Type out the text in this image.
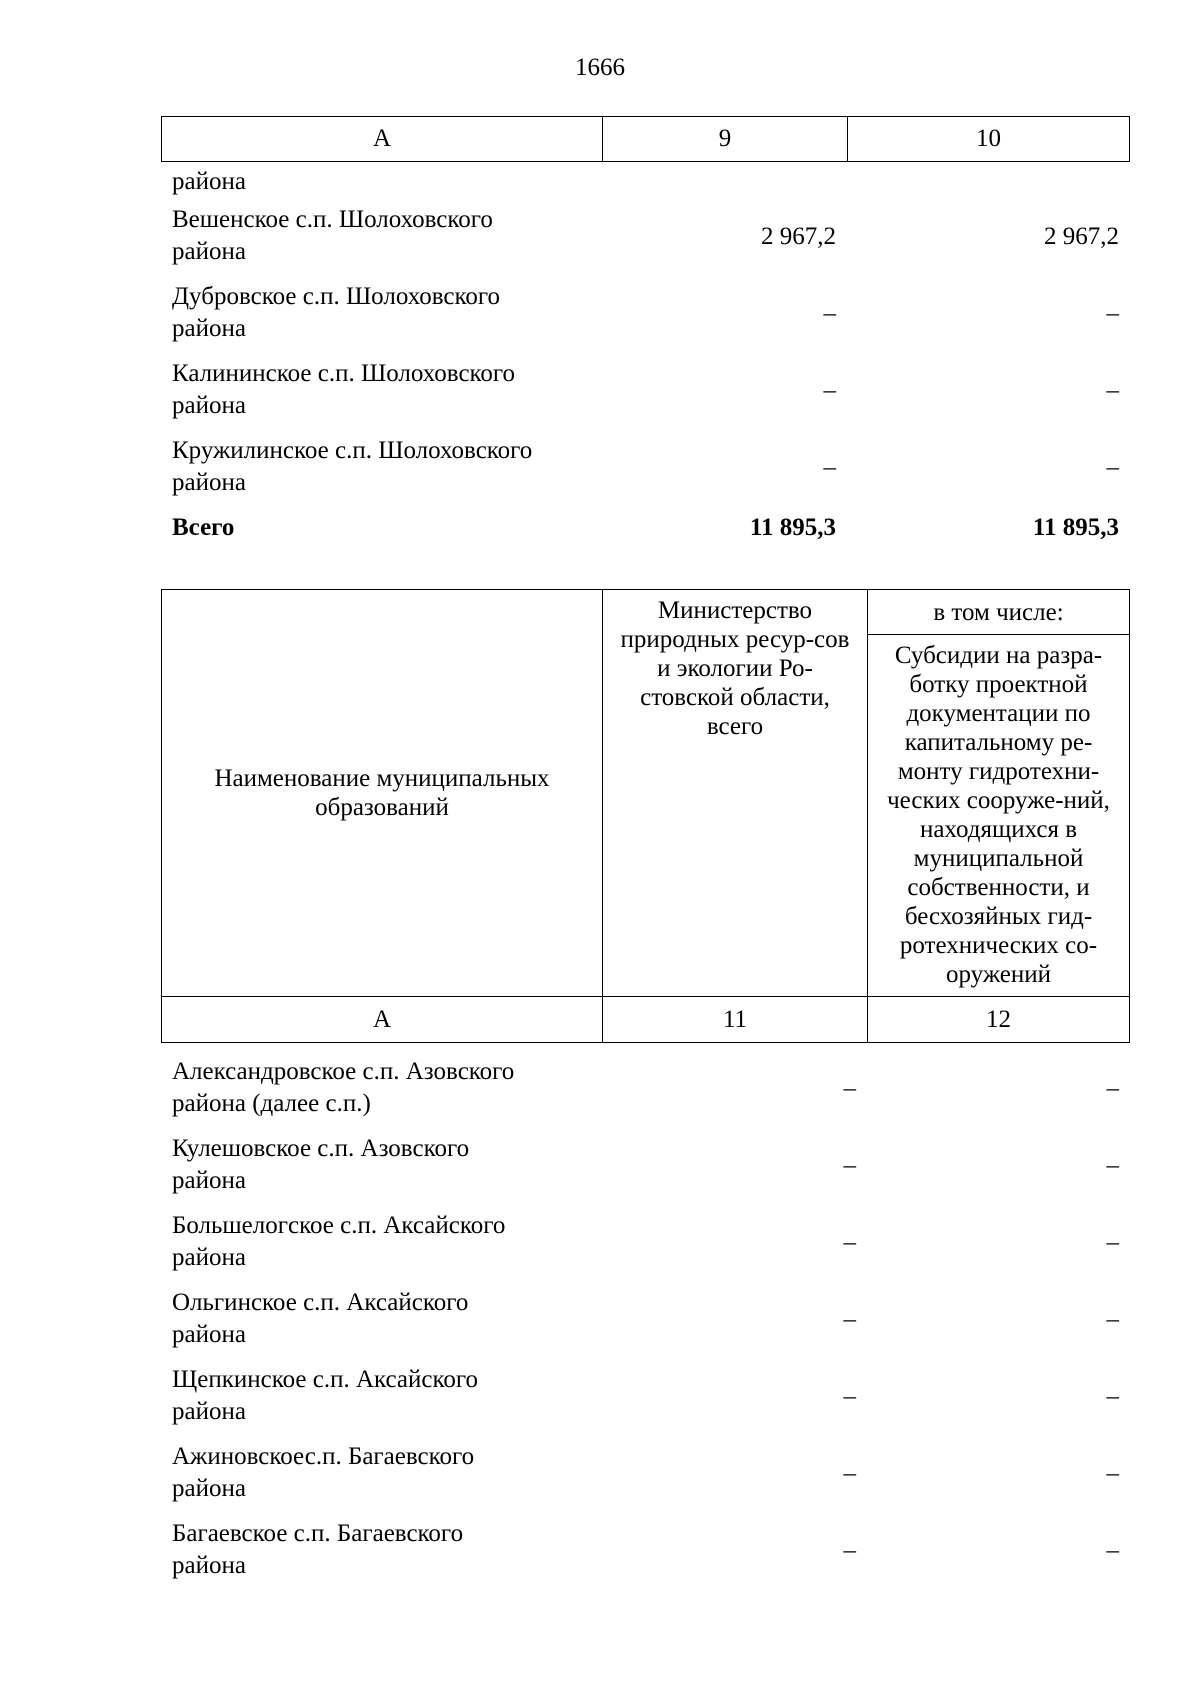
1666
А	9	10
района
Вешенское с.п. Шолоховского
района
2 967,2	2 967,2
Дубровское с.п. Шолоховского
района
–	–
Калининское с.п. Шолоховского
района
–	–
Кружилинское с.п. Шолоховского
района
–	–
Всего	11 895,3	11 895,3
Наименование муниципальных образований	Министерство природных ресур-сов и экологии Ро-стовской области, всего	в том числе:
		Субсидии на разра-ботку проектной документации по капитальному ре-монту гидротехни-ческих сооруже-ний, находящихся в муниципальной собственности, и бесхозяйных гид-ротехнических со-оружений
А	11	12
Александровское с.п. Азовского
района (далее с.п.)
–	–
Кулешовское с.п. Азовского
района
–	–
Большелогское с.п. Аксайского
района
–	–
Ольгинское с.п. Аксайского
района
–	–
Щепкинское с.п. Аксайского
района
–	–
Ажиновскоес.п. Багаевского
района
–	–
Багаевское с.п. Багаевского
района
–	–
